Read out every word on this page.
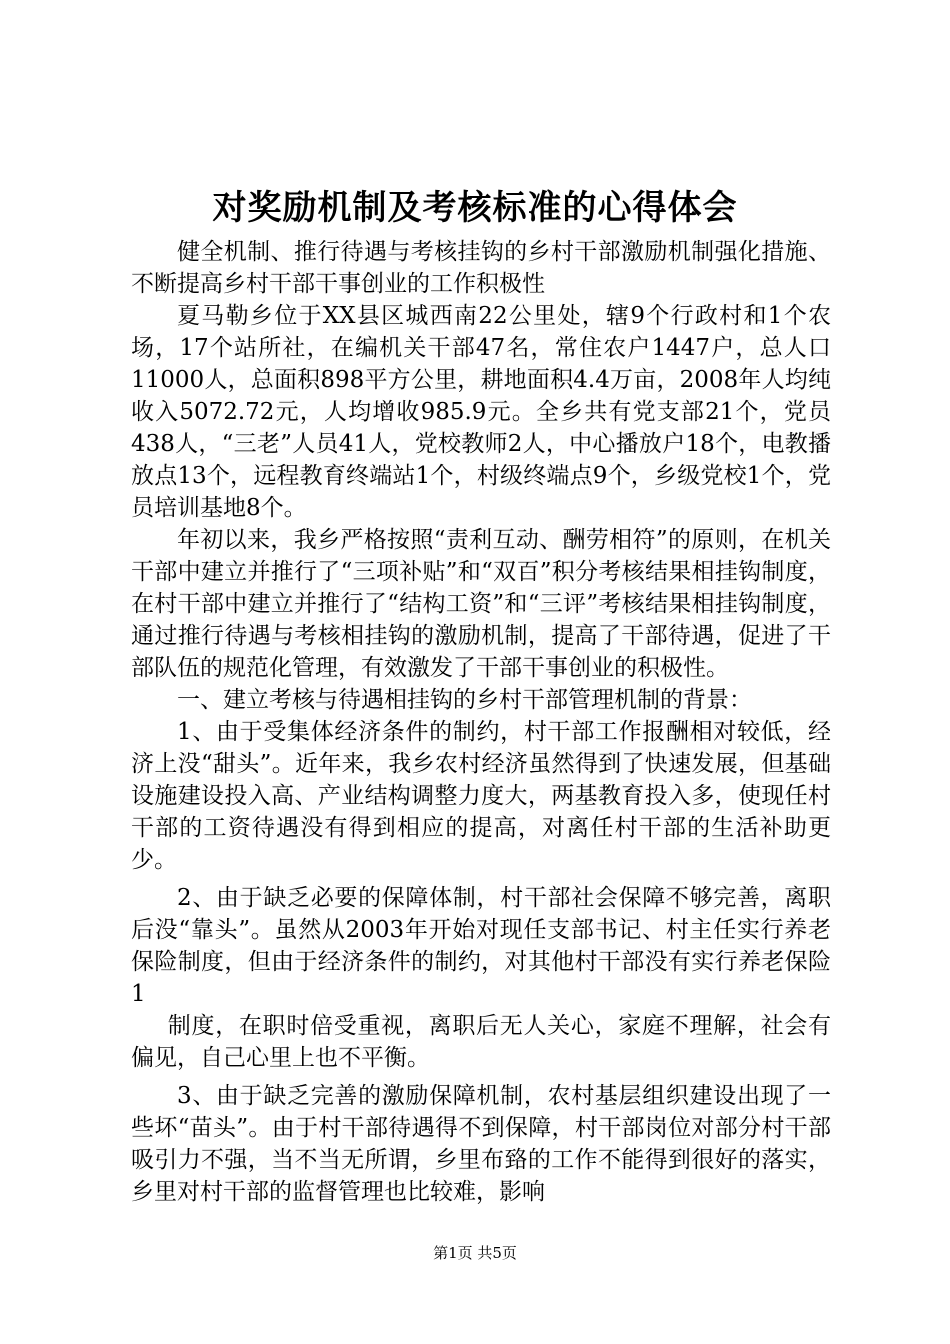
对奖励机制及考核标准的心得体会

健全机制、推行待遇与考核挂钩的乡村干部激励机制强化措施、不断提高乡村干部干事创业的工作积极性

夏马勒乡位于XX县区城西南22公里处，辖9个行政村和1个农场，17个站所社，在编机关干部47名，常住农户1447户，总人口11000人，总面积898平方公里，耕地面积4.4万亩，2008年人均纯收入5072.72元，人均增收985.9元。全乡共有党支部21个，党员438人，“三老”人员41人，党校教师2人，中心播放户18个，电教播放点13个，远程教育终端站1个，村级终端点9个，乡级党校1个，党员培训基地8个。

年初以来，我乡严格按照“责利互动、酬劳相符”的原则，在机关干部中建立并推行了“三项补贴”和“双百”积分考核结果相挂钩制度，在村干部中建立并推行了“结构工资”和“三评”考核结果相挂钩制度，通过推行待遇与考核相挂钩的激励机制，提高了干部待遇，促进了干部队伍的规范化管理，有效激发了干部干事创业的积极性。

一、建立考核与待遇相挂钩的乡村干部管理机制的背景：

1、由于受集体经济条件的制约，村干部工作报酬相对较低，经济上没“甜头”。近年来，我乡农村经济虽然得到了快速发展，但基础设施建设投入高、产业结构调整力度大，两基教育投入多，使现任村干部的工资待遇没有得到相应的提高，对离任村干部的生活补助更少。

2、由于缺乏必要的保障体制，村干部社会保障不够完善，离职后没“靠头”。虽然从2003年开始对现任支部书记、村主任实行养老保险制度，但由于经济条件的制约，对其他村干部没有实行养老保险1

制度，在职时倍受重视，离职后无人关心，家庭不理解，社会有偏见，自己心里上也不平衡。

3、由于缺乏完善的激励保障机制，农村基层组织建设出现了一些坏“苗头”。由于村干部待遇得不到保障，村干部岗位对部分村干部吸引力不强，当不当无所谓，乡里布臵的工作不能得到很好的落实，乡里对村干部的监督管理也比较难，影响

第1页 共5页
